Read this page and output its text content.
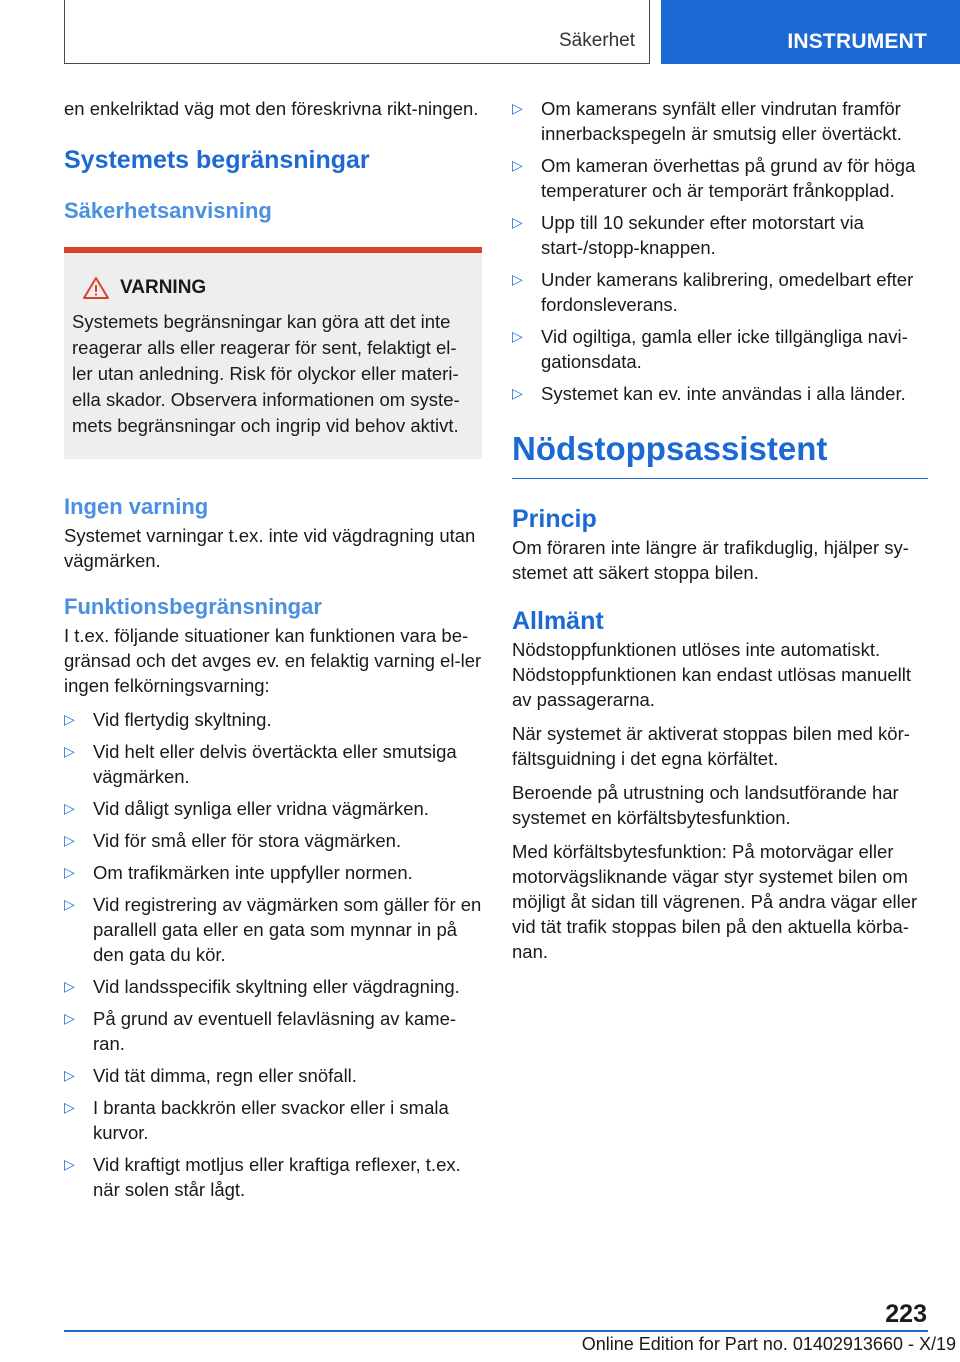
Säkerhet	INSTRUMENT

en enkelriktad väg mot den föreskrivna rikt-ningen.

Systemets begränsningar
Säkerhetsanvisning
VARNING

Systemets begränsningar kan göra att det inte reagerar alls eller reagerar för sent, felaktigt el-ler utan anledning. Risk för olyckor eller materi-ella skador. Observera informationen om syste-mets begränsningar och ingrip vid behov aktivt.

Ingen varning

Systemet varningar t.ex. inte vid vägdragning utan vägmärken.

Funktionsbegränsningar

I t.ex. följande situationer kan funktionen vara be-gränsad och det avges ev. en felaktig varning el-ler ingen felkörningsvarning:

▷ Vid flertydig skyltning.
▷ Vid helt eller delvis övertäckta eller smutsiga vägmärken.
▷ Vid dåligt synliga eller vridna vägmärken.
▷ Vid för små eller för stora vägmärken.
▷ Om trafikmärken inte uppfyller normen.
▷ Vid registrering av vägmärken som gäller för en parallell gata eller en gata som mynnar in på den gata du kör.
▷ Vid landsspecifik skyltning eller vägdragning.
▷ På grund av eventuell felavläsning av kame-ran.
▷ Vid tät dimma, regn eller snöfall.
▷ I branta backkrön eller svackor eller i smala kurvor.
▷ Vid kraftigt motljus eller kraftiga reflexer, t.ex. när solen står lågt.
▷ Om kamerans synfält eller vindrutan framför innerbackspegeln är smutsig eller övertäckt.
▷ Om kameran överhettas på grund av för höga temperaturer och är temporärt frånkopplad.
▷ Upp till 10 sekunder efter motorstart via start-/stopp-knappen.
▷ Under kamerans kalibrering, omedelbart efter fordonsleverans.
▷ Vid ogiltiga, gamla eller icke tillgängliga navi-gationsdata.
▷ Systemet kan ev. inte användas i alla länder.
Nödstoppsassistent
Princip

Om föraren inte längre är trafikduglig, hjälper sy-stemet att säkert stoppa bilen.

Allmänt

Nödstoppfunktionen utlöses inte automatiskt. Nödstoppfunktionen kan endast utlösas manuellt av passagerarna.

När systemet är aktiverat stoppas bilen med kör-fältsguidning i det egna körfältet.

Beroende på utrustning och landsutförande har systemet en körfältsbytesfunktion.

Med körfältsbytesfunktion: På motorvägar eller motorvägsliknande vägar styr systemet bilen om möjligt åt sidan till vägrenen. På andra vägar eller vid tät trafik stoppas bilen på den aktuella körba-nan.

223
Online Edition for Part no. 01402913660 - X/19
